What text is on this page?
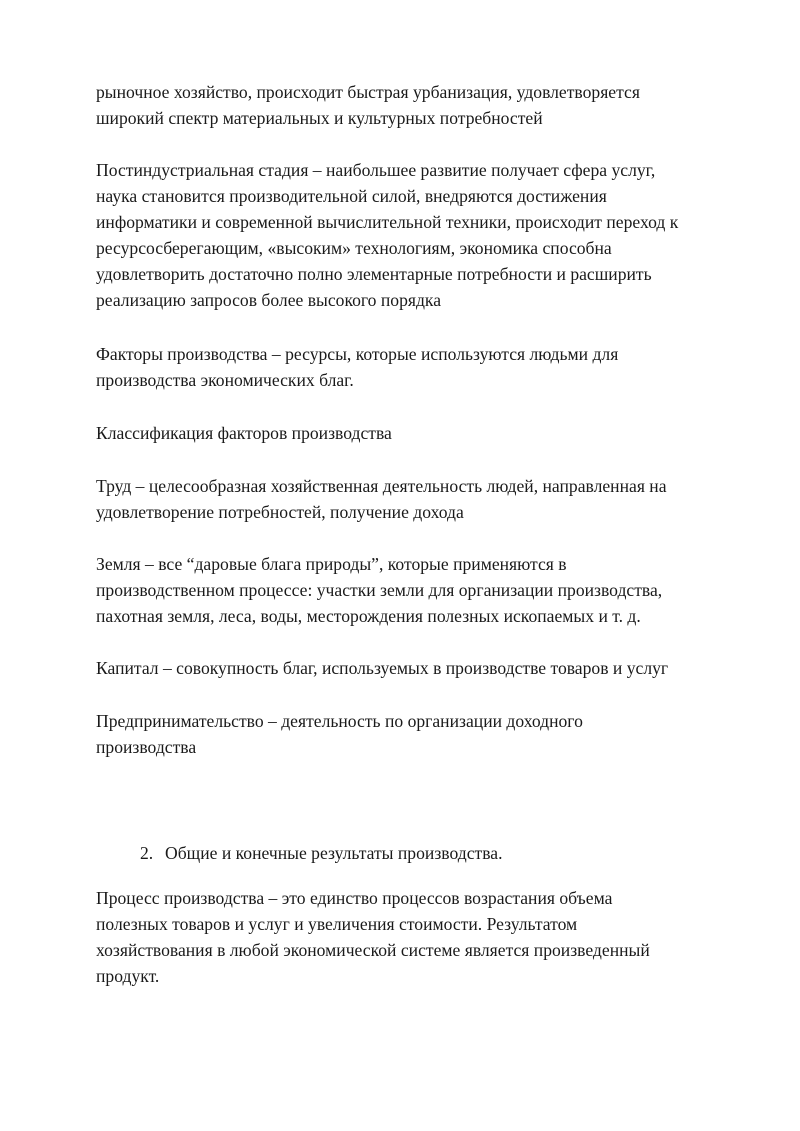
рыночное хозяйство, происходит быстрая урбанизация, удовлетворяется
широкий спектр материальных и культурных потребностей
Постиндустриальная стадия – наибольшее развитие получает сфера услуг,
наука становится производительной силой, внедряются достижения
информатики и современной вычислительной техники, происходит переход к
ресурсосберегающим, «высоким» технологиям, экономика способна
удовлетворить достаточно полно элементарные потребности и расширить
реализацию запросов более высокого порядка
Факторы производства – ресурсы, которые используются людьми для
производства экономических благ.
Классификация факторов производства
Труд – целесообразная хозяйственная деятельность людей, направленная на
удовлетворение потребностей, получение дохода
Земля – все “даровые блага природы”, которые применяются в
производственном процессе: участки земли для организации производства,
пахотная земля, леса, воды, месторождения полезных ископаемых и т. д.
Капитал – совокупность благ, используемых в производстве товаров и услуг
Предпринимательство – деятельность по организации доходного
производства
2. Общие и конечные результаты производства.
Процесс производства – это единство процессов возрастания объема
полезных товаров и услуг и увеличения стоимости. Результатом
хозяйствования в любой экономической системе является произведенный
продукт.
